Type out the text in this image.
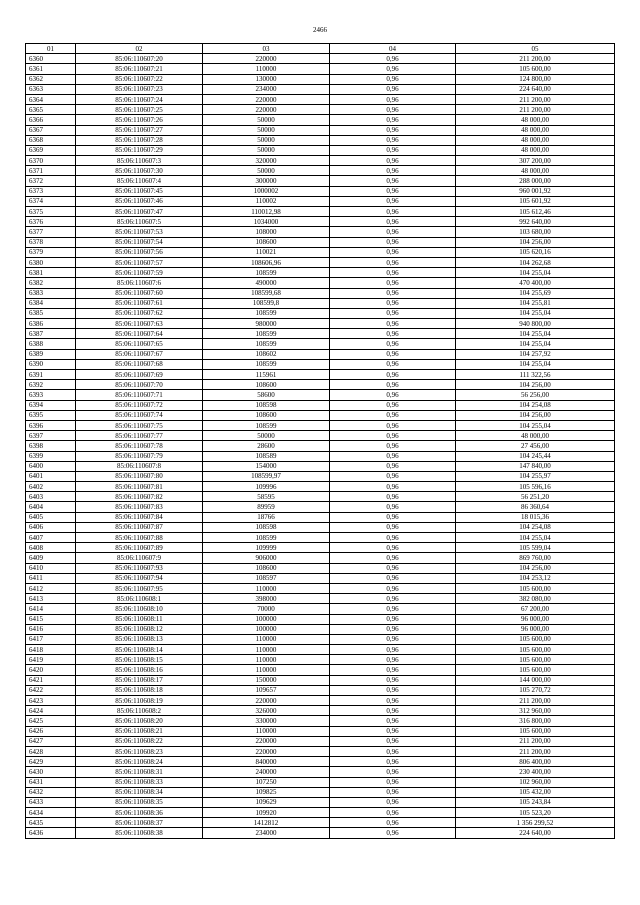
2466
01	02	03	04	05
6360	85:06:110607:20	220000	0,96	211 200,00
6361	85:06:110607:21	110000	0,96	105 600,00
6362	85:06:110607:22	130000	0,96	124 800,00
6363	85:06:110607:23	234000	0,96	224 640,00
6364	85:06:110607:24	220000	0,96	211 200,00
6365	85:06:110607:25	220000	0,96	211 200,00
6366	85:06:110607:26	50000	0,96	48 000,00
6367	85:06:110607:27	50000	0,96	48 000,00
6368	85:06:110607:28	50000	0,96	48 000,00
6369	85:06:110607:29	50000	0,96	48 000,00
6370	85:06:110607:3	320000	0,96	307 200,00
6371	85:06:110607:30	50000	0,96	48 000,00
6372	85:06:110607:4	300000	0,96	288 000,00
6373	85:06:110607:45	1000002	0,96	960 001,92
6374	85:06:110607:46	110002	0,96	105 601,92
6375	85:06:110607:47	110012,98	0,96	105 612,46
6376	85:06:110607:5	1034000	0,96	992 640,00
6377	85:06:110607:53	108000	0,96	103 680,00
6378	85:06:110607:54	108600	0,96	104 256,00
6379	85:06:110607:56	110021	0,96	105 620,16
6380	85:06:110607:57	108606,96	0,96	104 262,68
6381	85:06:110607:59	108599	0,96	104 255,04
6382	85:06:110607:6	490000	0,96	470 400,00
6383	85:06:110607:60	108599,68	0,96	104 255,69
6384	85:06:110607:61	108599,8	0,96	104 255,81
6385	85:06:110607:62	108599	0,96	104 255,04
6386	85:06:110607:63	980000	0,96	940 800,00
6387	85:06:110607:64	108599	0,96	104 255,04
6388	85:06:110607:65	108599	0,96	104 255,04
6389	85:06:110607:67	108602	0,96	104 257,92
6390	85:06:110607:68	108599	0,96	104 255,04
6391	85:06:110607:69	115961	0,96	111 322,56
6392	85:06:110607:70	108600	0,96	104 256,00
6393	85:06:110607:71	58600	0,96	56 256,00
6394	85:06:110607:72	108598	0,96	104 254,08
6395	85:06:110607:74	108600	0,96	104 256,00
6396	85:06:110607:75	108599	0,96	104 255,04
6397	85:06:110607:77	50000	0,96	48 000,00
6398	85:06:110607:78	28600	0,96	27 456,00
6399	85:06:110607:79	108589	0,96	104 245,44
6400	85:06:110607:8	154000	0,96	147 840,00
6401	85:06:110607:80	108599,97	0,96	104 255,97
6402	85:06:110607:81	109996	0,96	105 596,16
6403	85:06:110607:82	58595	0,96	56 251,20
6404	85:06:110607:83	89959	0,96	86 360,64
6405	85:06:110607:84	18766	0,96	18 015,36
6406	85:06:110607:87	108598	0,96	104 254,08
6407	85:06:110607:88	108599	0,96	104 255,04
6408	85:06:110607:89	109999	0,96	105 599,04
6409	85:06:110607:9	906000	0,96	869 760,00
6410	85:06:110607:93	108600	0,96	104 256,00
6411	85:06:110607:94	108597	0,96	104 253,12
6412	85:06:110607:95	110000	0,96	105 600,00
6413	85:06:110608:1	398000	0,96	382 080,00
6414	85:06:110608:10	70000	0,96	67 200,00
6415	85:06:110608:11	100000	0,96	96 000,00
6416	85:06:110608:12	100000	0,96	96 000,00
6417	85:06:110608:13	110000	0,96	105 600,00
6418	85:06:110608:14	110000	0,96	105 600,00
6419	85:06:110608:15	110000	0,96	105 600,00
6420	85:06:110608:16	110000	0,96	105 600,00
6421	85:06:110608:17	150000	0,96	144 000,00
6422	85:06:110608:18	109657	0,96	105 270,72
6423	85:06:110608:19	220000	0,96	211 200,00
6424	85:06:110608:2	326000	0,96	312 960,00
6425	85:06:110608:20	330000	0,96	316 800,00
6426	85:06:110608:21	110000	0,96	105 600,00
6427	85:06:110608:22	220000	0,96	211 200,00
6428	85:06:110608:23	220000	0,96	211 200,00
6429	85:06:110608:24	840000	0,96	806 400,00
6430	85:06:110608:31	240000	0,96	230 400,00
6431	85:06:110608:33	107250	0,96	102 960,00
6432	85:06:110608:34	109825	0,96	105 432,00
6433	85:06:110608:35	109629	0,96	105 243,84
6434	85:06:110608:36	109920	0,96	105 523,20
6435	85:06:110608:37	1412812	0,96	1 356 299,52
6436	85:06:110608:38	234000	0,96	224 640,00
